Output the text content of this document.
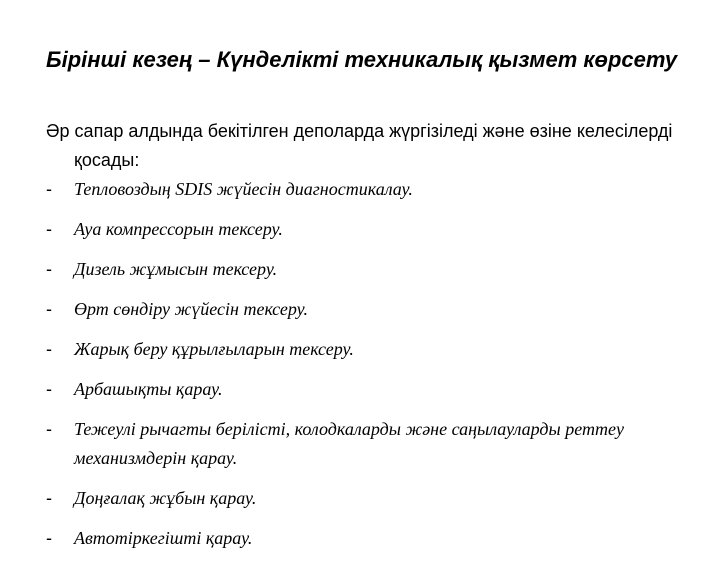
Бірінші кезең – Күнделікті техникалық қызмет көрсету

Әр сапар алдында бекітілген деполарда жүргізіледі және өзіне келесілерді қосады:

-	Тепловоздың SDIS жүйесін диагностикалау.
-	Ауа компрессорын тексеру.
-	Дизель жұмысын тексеру.
-	Өрт сөндіру жүйесін тексеру.
-	Жарық беру құрылғыларын тексеру.
-	Арбашықты қарау.
-	Тежеулі рычагты берілісті, колодкаларды және саңылауларды реттеу механизмдерін қарау.
-	Доңғалақ жұбын қарау.
-	Автотіркегішті қарау.
